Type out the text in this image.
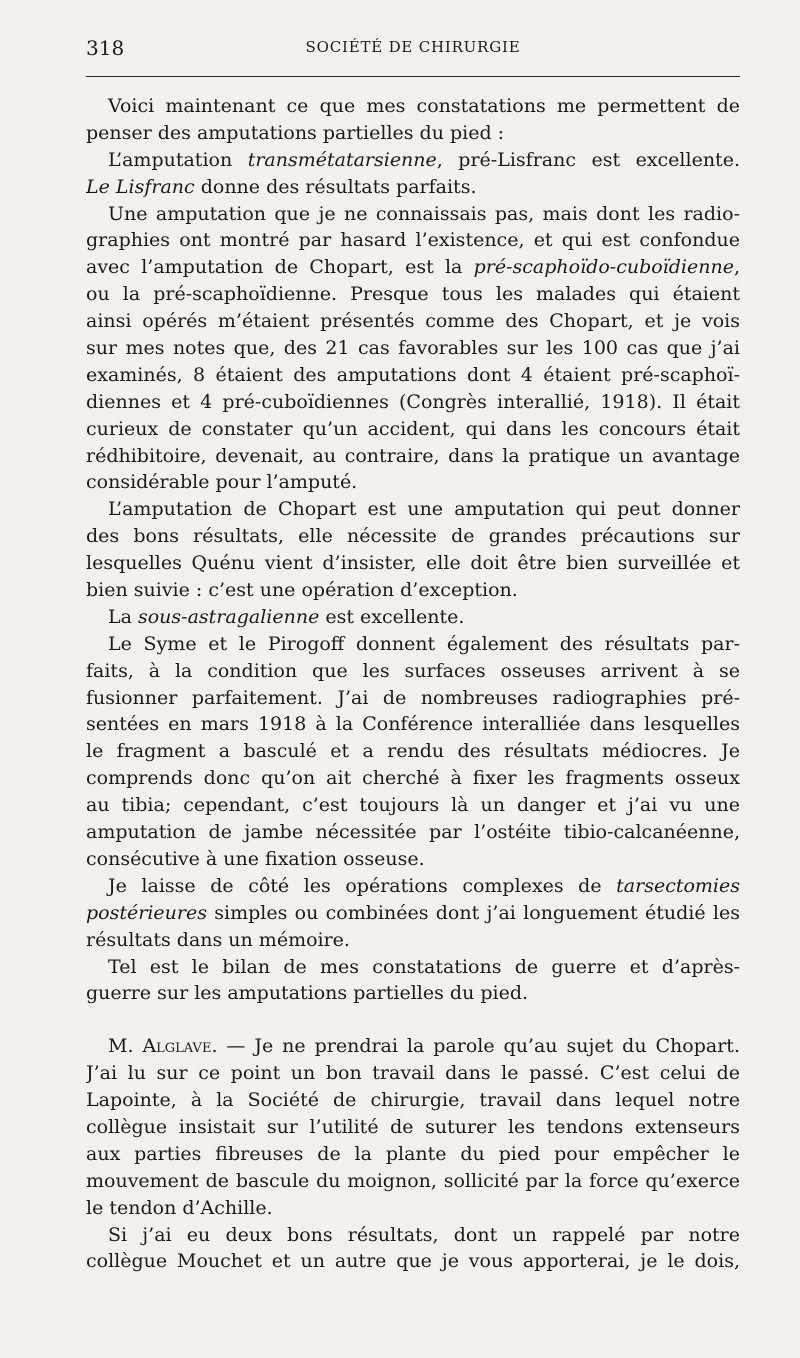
318	SOCIÉTÉ DE CHIRURGIE
Voici maintenant ce que mes constatations me permettent de
penser des amputations partielles du pied :
L’amputation transmétatarsienne, pré-Lisfranc est excellente.
Le Lisfranc donne des résultats parfaits.
Une amputation que je ne connaissais pas, mais dont les radio-
graphies ont montré par hasard l’existence, et qui est confondue
avec l’amputation de Chopart, est la pré-scaphoïdo-cuboïdienne,
ou la pré-scaphoïdienne. Presque tous les malades qui étaient
ainsi opérés m’étaient présentés comme des Chopart, et je vois
sur mes notes que, des 21 cas favorables sur les 100 cas que j’ai
examinés, 8 étaient des amputations dont 4 étaient pré-scaphoï-
diennes et 4 pré-cuboïdiennes (Congrès interallié, 1918). Il était
curieux de constater qu’un accident, qui dans les concours était
rédhibitoire, devenait, au contraire, dans la pratique un avantage
considérable pour l’amputé.
L’amputation de Chopart est une amputation qui peut donner
des bons résultats, elle nécessite de grandes précautions sur
lesquelles Quénu vient d’insister, elle doit être bien surveillée et
bien suivie : c’est une opération d’exception.
La sous-astragalienne est excellente.
Le Syme et le Pirogoff donnent également des résultats par-
faits, à la condition que les surfaces osseuses arrivent à se
fusionner parfaitement. J’ai de nombreuses radiographies pré-
sentées en mars 1918 à la Conférence interalliée dans lesquelles
le fragment a basculé et a rendu des résultats médiocres. Je
comprends donc qu’on ait cherché à fixer les fragments osseux
au tibia; cependant, c’est toujours là un danger et j’ai vu une
amputation de jambe nécessitée par l’ostéite tibio-calcanéenne,
consécutive à une fixation osseuse.
Je laisse de côté les opérations complexes de tarsectomies
postérieures simples ou combinées dont j’ai longuement étudié les
résultats dans un mémoire.
Tel est le bilan de mes constatations de guerre et d’après-
guerre sur les amputations partielles du pied.
M. Alglave. — Je ne prendrai la parole qu’au sujet du Chopart.
J’ai lu sur ce point un bon travail dans le passé. C’est celui de
Lapointe, à la Société de chirurgie, travail dans lequel notre
collègue insistait sur l’utilité de suturer les tendons extenseurs
aux parties fibreuses de la plante du pied pour empêcher le
mouvement de bascule du moignon, sollicité par la force qu’exerce
le tendon d’Achille.
Si j’ai eu deux bons résultats, dont un rappelé par notre
collègue Mouchet et un autre que je vous apporterai, je le dois,
